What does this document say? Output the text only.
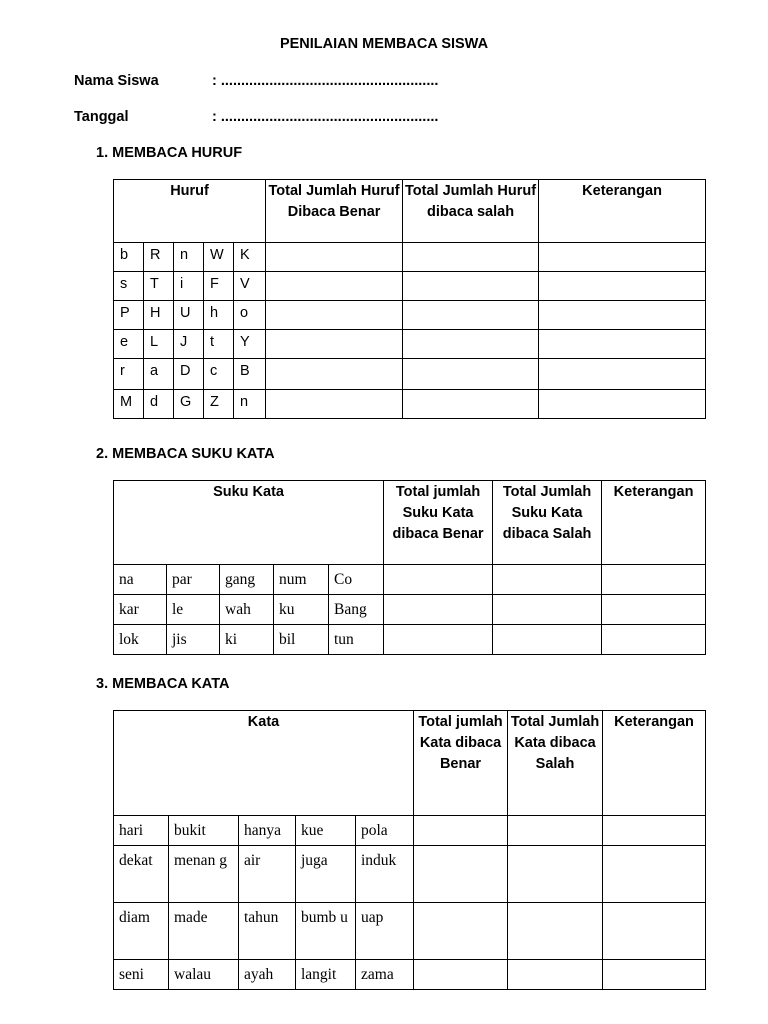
PENILAIAN MEMBACA SISWA
Nama Siswa	: ......................................................
Tanggal	: ......................................................
1. MEMBACA HURUF
Huruf					Total Jumlah Huruf Dibaca Benar	Total Jumlah Huruf dibaca salah	Keterangan
b	R	n	W	K			
s	T	i	F	V			
P	H	U	h	o			
e	L	J	t	Y			
r	a	D	c	B			
M	d	G	Z	n			
2. MEMBACA SUKU KATA
Suku Kata					Total jumlah Suku Kata dibaca Benar	Total Jumlah Suku Kata dibaca Salah	Keterangan
na	par	gang	num	Co			
kar	le	wah	ku	Bang			
lok	jis	ki	bil	tun			
3. MEMBACA KATA
Kata					Total jumlah Kata dibaca Benar	Total Jumlah Kata dibaca Salah	Keterangan
hari	bukit	hanya	kue	pola			
dekat	menan g	air	juga	induk			
diam	made	tahun	bumb u	uap			
seni	walau	ayah	langit	zama			
